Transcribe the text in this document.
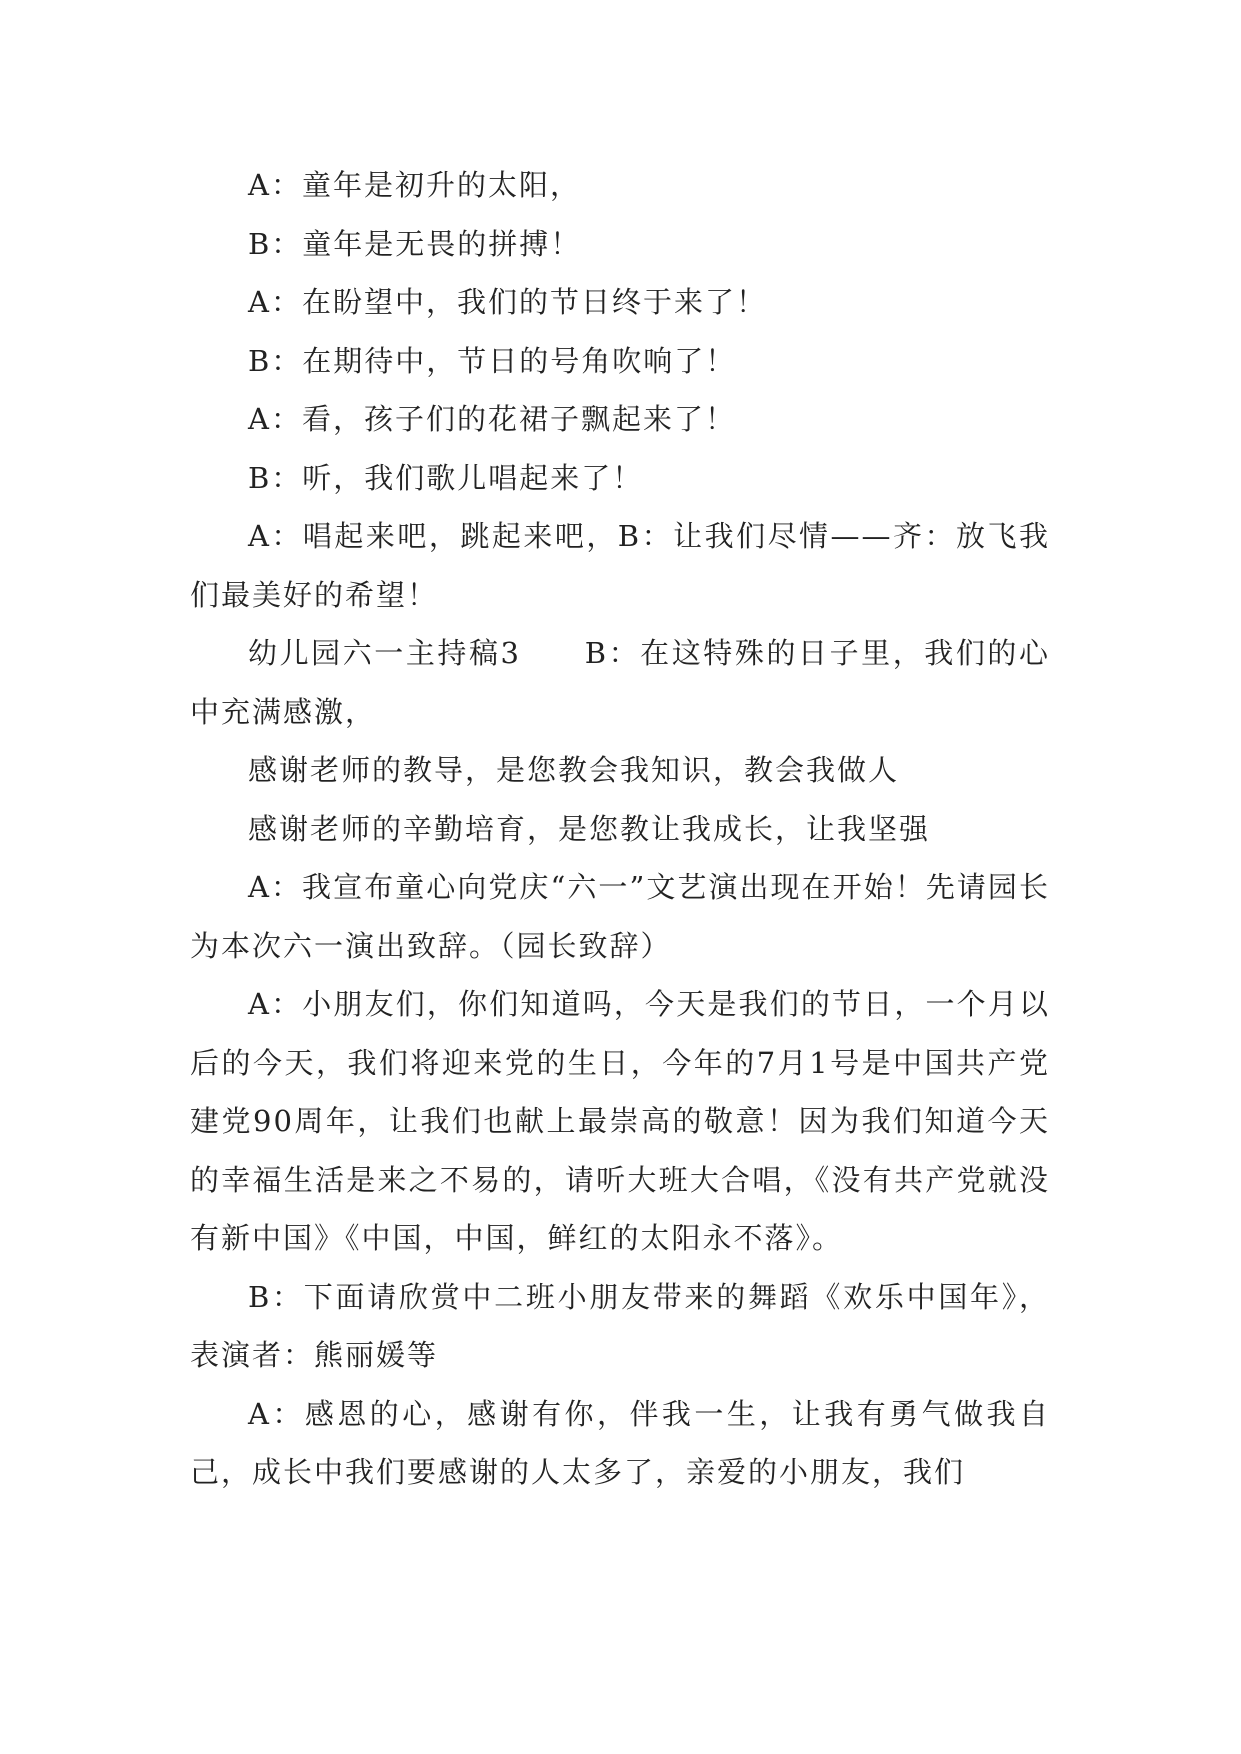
A：童年是初升的太阳，

B：童年是无畏的拼搏！

A：在盼望中，我们的节日终于来了！

B：在期待中，节日的号角吹响了！

A：看，孩子们的花裙子飘起来了！

B：听，我们歌儿唱起来了！

A：唱起来吧，跳起来吧，B：让我们尽情——齐：放飞我们最美好的希望！

幼儿园六一主持稿3　　B：在这特殊的日子里，我们的心中充满感激，

感谢老师的教导，是您教会我知识，教会我做人

感谢老师的辛勤培育，是您教让我成长，让我坚强

A：我宣布童心向党庆“六一”文艺演出现在开始！先请园长为本次六一演出致辞。（园长致辞）

A：小朋友们，你们知道吗，今天是我们的节日，一个月以后的今天，我们将迎来党的生日，今年的7月1号是中国共产党建党90周年，让我们也献上最崇高的敬意！因为我们知道今天的幸福生活是来之不易的，请听大班大合唱，《没有共产党就没有新中国》《中国，中国，鲜红的太阳永不落》。

B：下面请欣赏中二班小朋友带来的舞蹈《欢乐中国年》，表演者：熊丽媛等

A：感恩的心，感谢有你，伴我一生，让我有勇气做我自己，成长中我们要感谢的人太多了，亲爱的小朋友，我们
